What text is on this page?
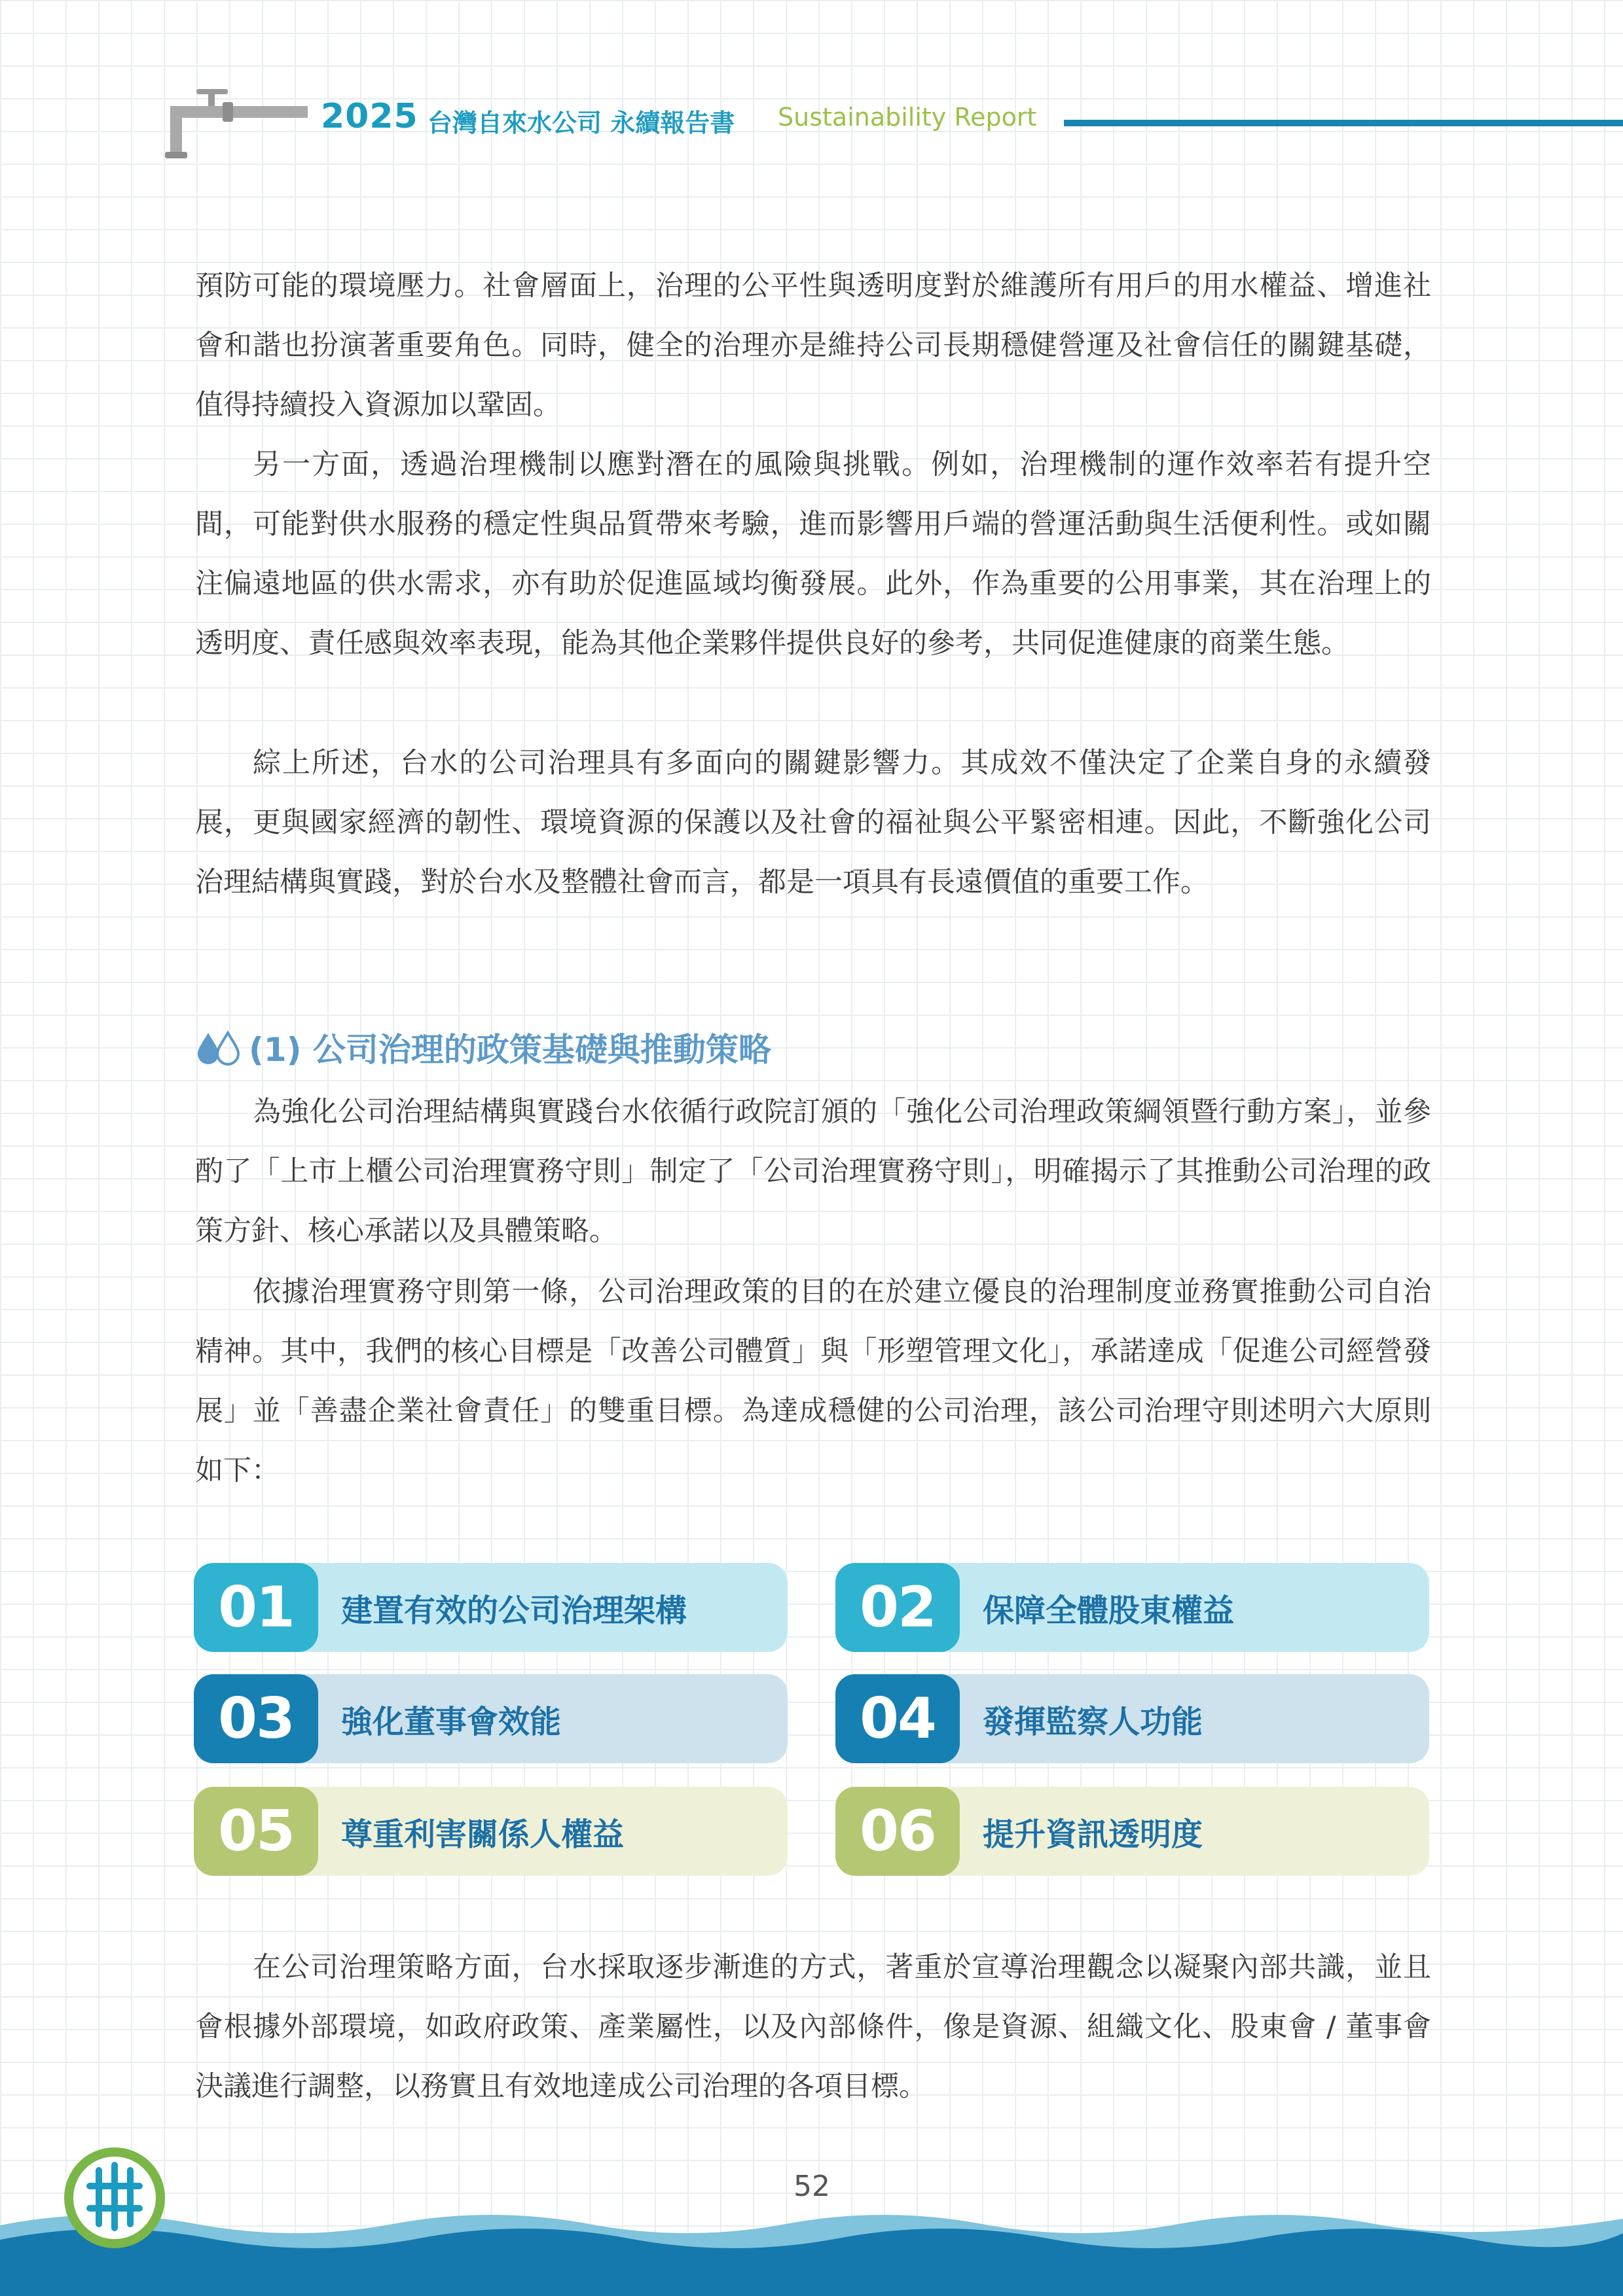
2025 台灣自來水公司 永續報告書 Sustainability Report

預防可能的環境壓力。社會層面上，治理的公平性與透明度對於維護所有用戶的用水權益、增進社會和諧也扮演著重要角色。同時，健全的治理亦是維持公司長期穩健營運及社會信任的關鍵基礎，值得持續投入資源加以鞏固。

另一方面，透過治理機制以應對潛在的風險與挑戰。例如，治理機制的運作效率若有提升空間，可能對供水服務的穩定性與品質帶來考驗，進而影響用戶端的營運活動與生活便利性。或如關注偏遠地區的供水需求，亦有助於促進區域均衡發展。此外，作為重要的公用事業，其在治理上的透明度、責任感與效率表現，能為其他企業夥伴提供良好的參考，共同促進健康的商業生態。

綜上所述，台水的公司治理具有多面向的關鍵影響力。其成效不僅決定了企業自身的永續發展，更與國家經濟的韌性、環境資源的保護以及社會的福祉與公平緊密相連。因此，不斷強化公司治理結構與實踐，對於台水及整體社會而言，都是一項具有長遠價值的重要工作。

(1) 公司治理的政策基礎與推動策略

為強化公司治理結構與實踐台水依循行政院訂頒的「強化公司治理政策綱領暨行動方案」，並參酌了「上市上櫃公司治理實務守則」制定了「公司治理實務守則」，明確揭示了其推動公司治理的政策方針、核心承諾以及具體策略。

依據治理實務守則第一條，公司治理政策的目的在於建立優良的治理制度並務實推動公司自治精神。其中，我們的核心目標是「改善公司體質」與「形塑管理文化」，承諾達成「促進公司經營發展」並「善盡企業社會責任」的雙重目標。為達成穩健的公司治理，該公司治理守則述明六大原則如下：

01	建置有效的公司治理架構	02	保障全體股東權益
03	強化董事會效能	04	發揮監察人功能
05	尊重利害關係人權益	06	提升資訊透明度

在公司治理策略方面，台水採取逐步漸進的方式，著重於宣導治理觀念以凝聚內部共識，並且會根據外部環境，如政府政策、產業屬性，以及內部條件，像是資源、組織文化、股東會 / 董事會決議進行調整，以務實且有效地達成公司治理的各項目標。

52
